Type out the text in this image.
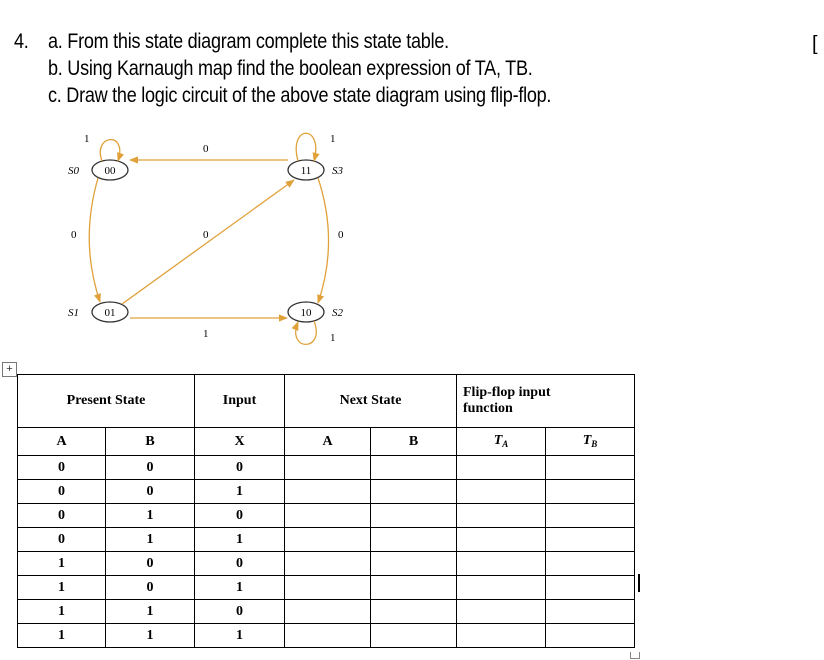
4. a. From this state diagram complete this state table.
b. Using Karnaugh map find the boolean expression of TA, TB.
c. Draw the logic circuit of the above state diagram using flip-flop.
[
00	11
01	10
S0	S3
S1	S2
1
0
1
0	0	0
1	1
+
Present State		Input	Next State		Flip-flop input
function	
A	B	X	A	B	$T_A$	$T_B$
0	0	0				
0	0	1				
0	1	0				
0	1	1				
1	0	0				
1	0	1				
1	1	0				
1	1	1				
